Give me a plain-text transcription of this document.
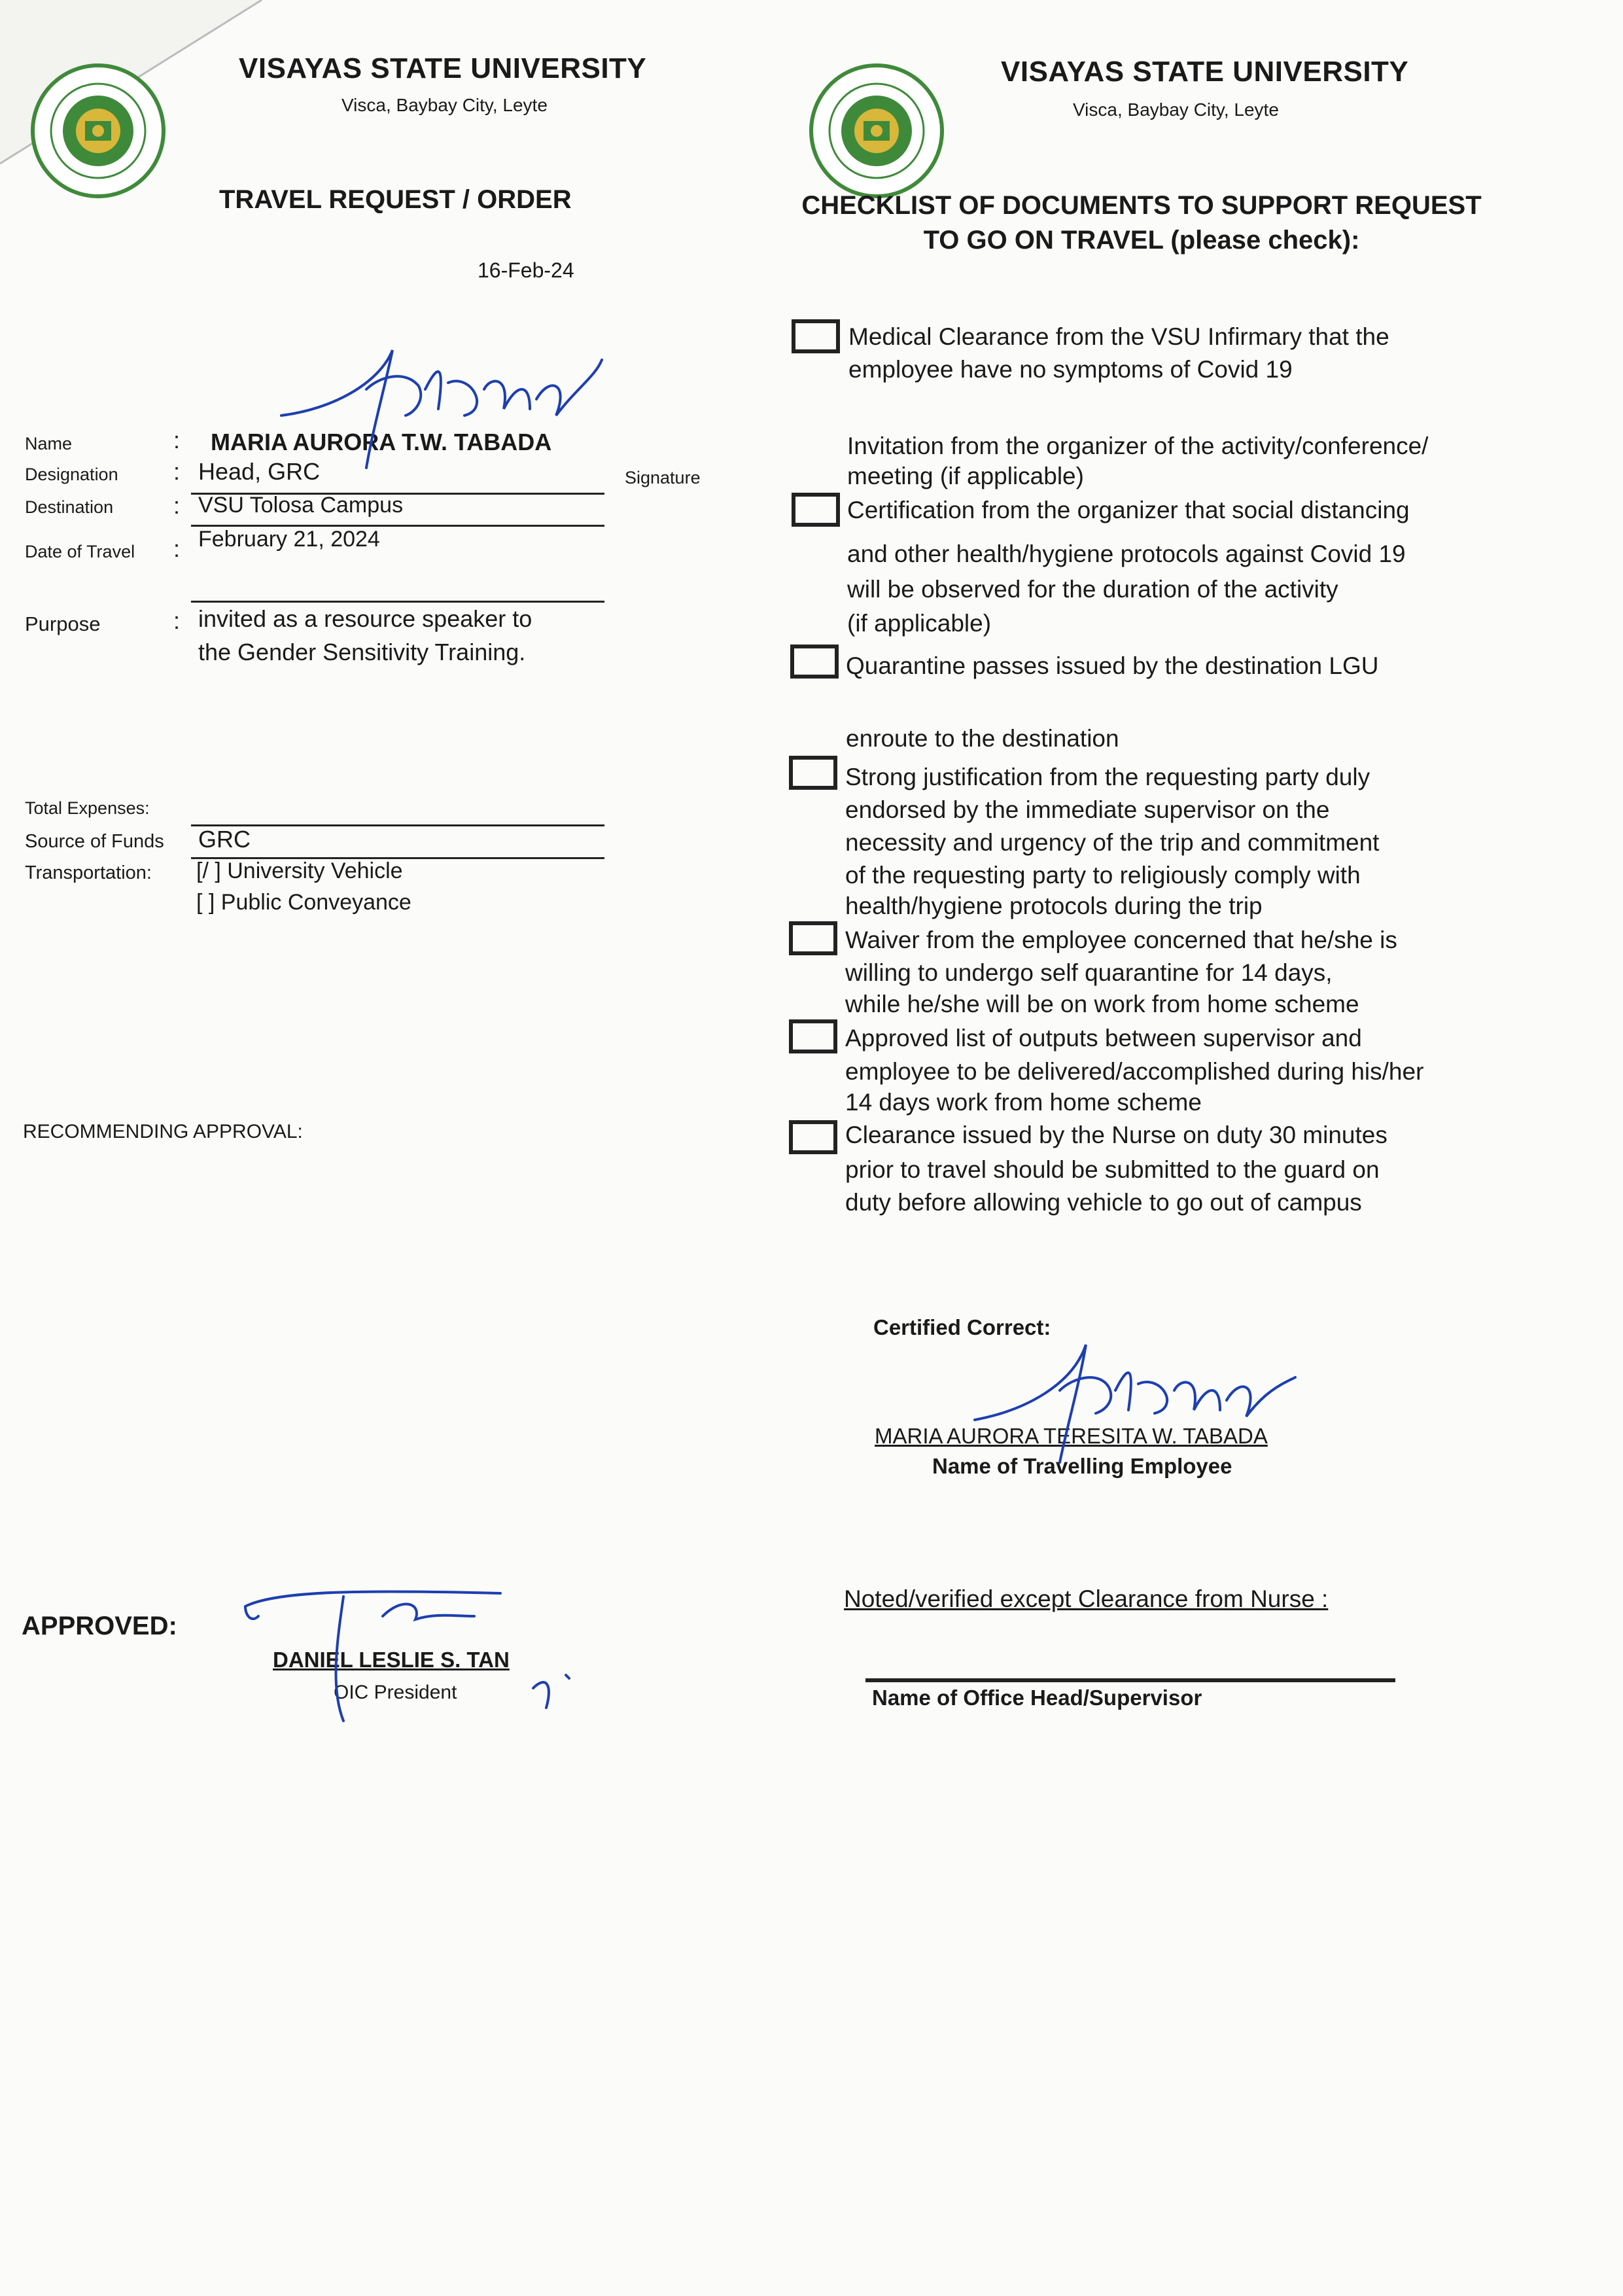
VISAYAS STATE UNIVERSITY
Visca, Baybay City, Leyte
TRAVEL REQUEST / ORDER
16-Feb-24
Name	: MARIA AURORA T.W. TABADA
Designation : Head, GRC	Signature
Destination	: VSU Tolosa Campus
Date of Travel : February 21, 2024
Purpose	: invited as a resource speaker to
the Gender Sensitivity Training.
Total Expenses:
Source of Funds GRC
Transportation: [/ ] University Vehicle
[ ] Public Conveyance
RECOMMENDING APPROVAL:
APPROVED:
DANIEL LESLIE S. TAN
OIC President
VISAYAS STATE UNIVERSITY
Visca, Baybay City, Leyte
CHECKLIST OF DOCUMENTS TO SUPPORT REQUEST
TO GO ON TRAVEL (please check):
Medical Clearance from the VSU Infirmary that the
employee have no symptoms of Covid 19
Invitation from the organizer of the activity/conference/
meeting (if applicable)
Certification from the organizer that social distancing
and other health/hygiene protocols against Covid 19
will be observed for the duration of the activity
(if applicable)
Quarantine passes issued by the destination LGU
enroute to the destination
Strong justification from the requesting party duly
endorsed by the immediate supervisor on the
necessity and urgency of the trip and commitment
of the requesting party to religiously comply with
health/hygiene protocols during the trip
Waiver from the employee concerned that he/she is
willing to undergo self quarantine for 14 days,
while he/she will be on work from home scheme
Approved list of outputs between supervisor and
employee to be delivered/accomplished during his/her
14 days work from home scheme
Clearance issued by the Nurse on duty 30 minutes
prior to travel should be submitted to the guard on
duty before allowing vehicle to go out of campus
Certified Correct:
MARIA AURORA TERESITA W. TABADA
Name of Travelling Employee
Noted/verified except Clearance from Nurse :
Name of Office Head/Supervisor
